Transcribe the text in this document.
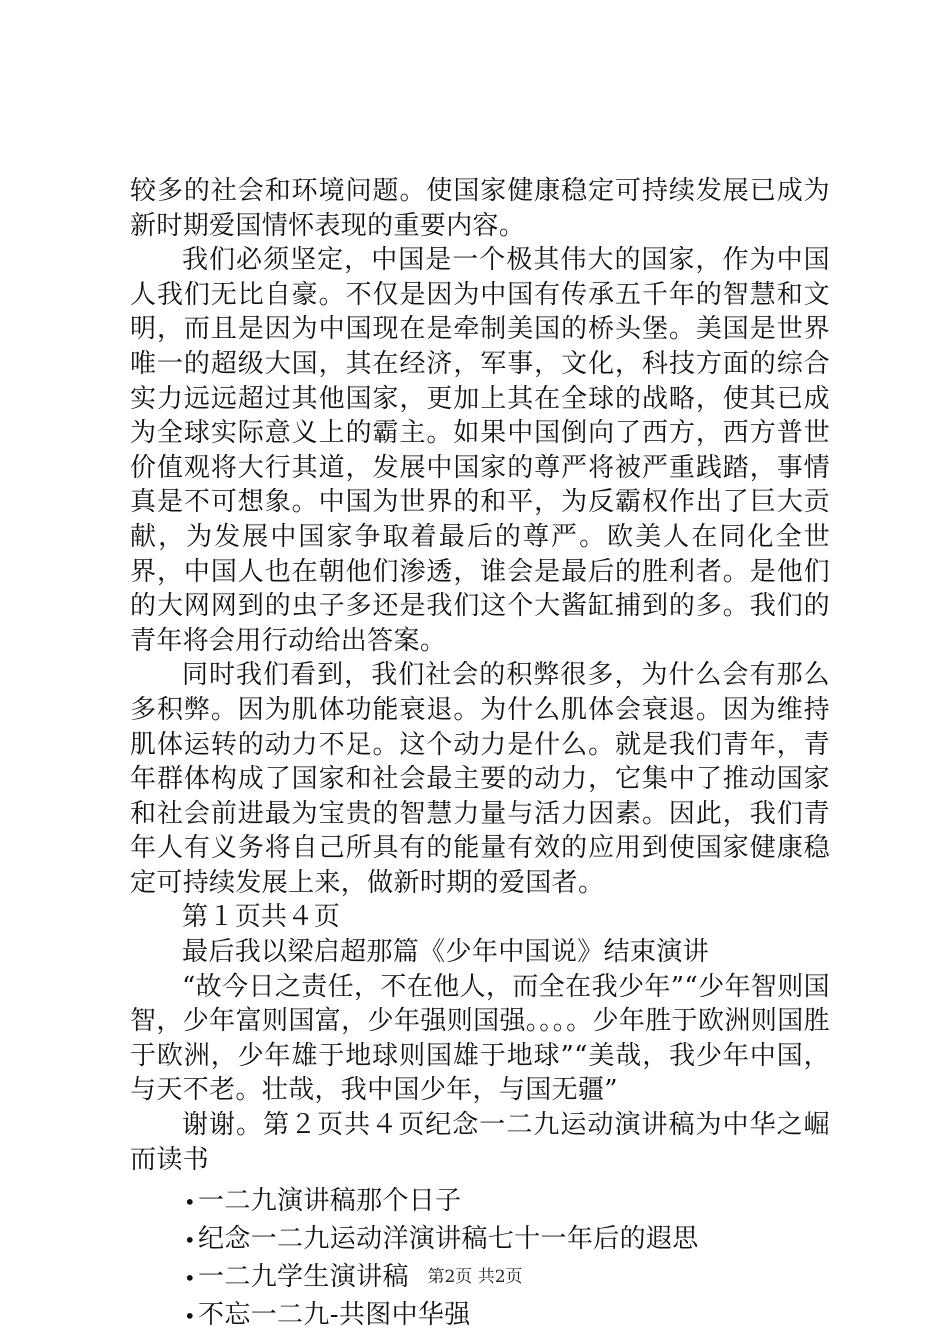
较多的社会和环境问题。使国家健康稳定可持续发展已成为新时期爱国情怀表现的重要内容。

我们必须坚定，中国是一个极其伟大的国家，作为中国人我们无比自豪。不仅是因为中国有传承五千年的智慧和文明，而且是因为中国现在是牵制美国的桥头堡。美国是世界唯一的超级大国，其在经济，军事，文化，科技方面的综合实力远远超过其他国家，更加上其在全球的战略，使其已成为全球实际意义上的霸主。如果中国倒向了西方，西方普世价值观将大行其道，发展中国家的尊严将被严重践踏，事情真是不可想象。中国为世界的和平，为反霸权作出了巨大贡献，为发展中国家争取着最后的尊严。欧美人在同化全世界，中国人也在朝他们渗透，谁会是最后的胜利者。是他们的大网网到的虫子多还是我们这个大酱缸捕到的多。我们的青年将会用行动给出答案。

同时我们看到，我们社会的积弊很多，为什么会有那么多积弊。因为肌体功能衰退。为什么肌体会衰退。因为维持肌体运转的动力不足。这个动力是什么。就是我们青年，青年群体构成了国家和社会最主要的动力，它集中了推动国家和社会前进最为宝贵的智慧力量与活力因素。因此，我们青年人有义务将自己所具有的能量有效的应用到使国家健康稳定可持续发展上来，做新时期的爱国者。

第１页共４页

最后我以梁启超那篇《少年中国说》结束演讲

“故今日之责任，不在他人，而全在我少年”“少年智则国智，少年富则国富，少年强则国强。。。。少年胜于欧洲则国胜于欧洲，少年雄于地球则国雄于地球”“美哉，我少年中国，与天不老。壮哉，我中国少年，与国无疆”

谢谢。第２页共４页纪念一二九运动演讲稿为中华之崛而读书

•一二九演讲稿那个日子
•纪念一二九运动洋演讲稿七十一年后的遐思
•一二九学生演讲稿
•不忘一二九-共图中华强
第2页 共2页
